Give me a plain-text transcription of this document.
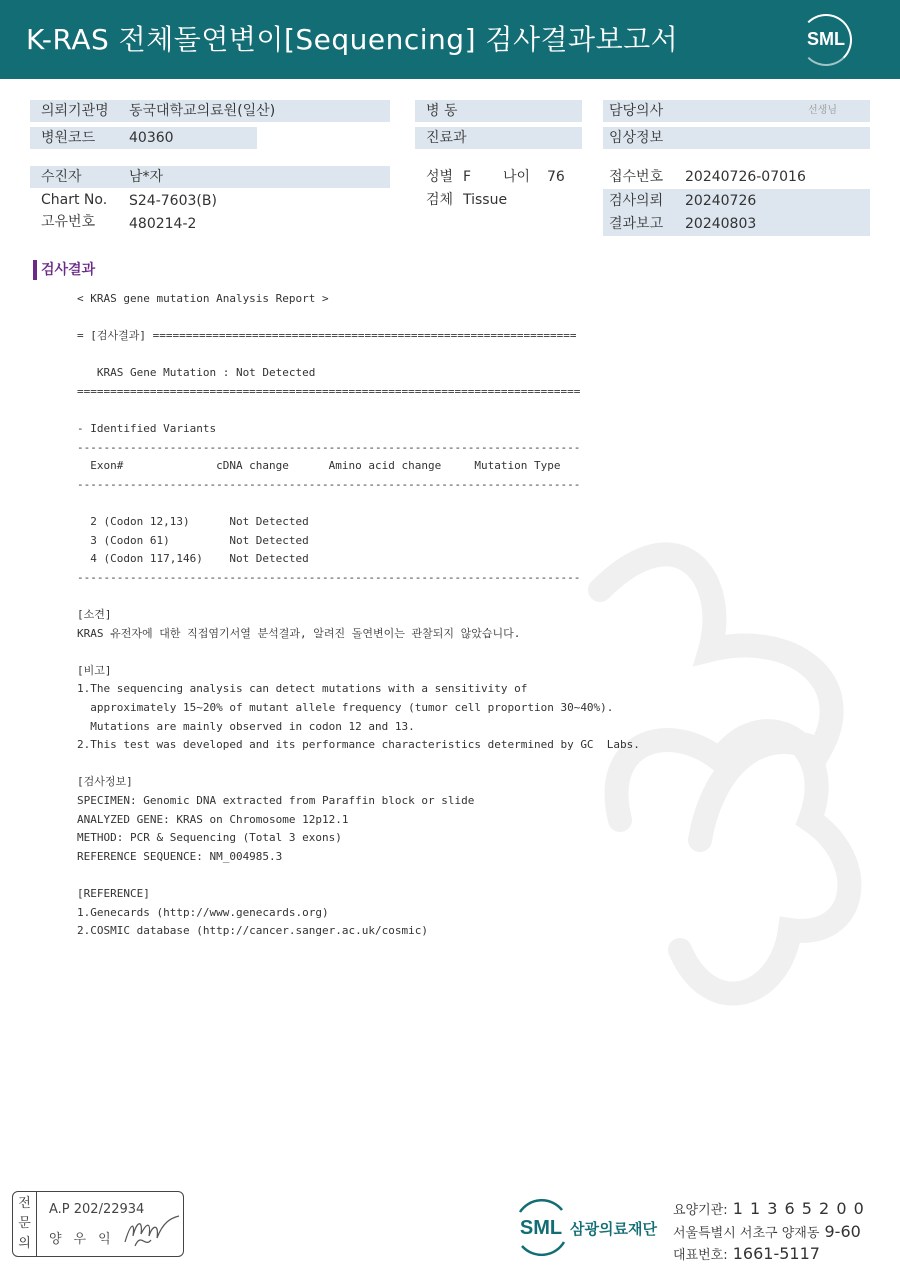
K-RAS 전체돌연변이[Sequencing] 검사결과보고서	SML
의뢰기관명 동국대학교의료원(일산)
병원코드 40360
병 동
진료과
담당의사	선생님
임상정보
수진자	남*자
Chart No. S24-7603(B)
고유번호 480214-2
성별 F 나이 76
검체 Tissue
접수번호 20240726-07016
검사의뢰 20240726
결과보고 20240803
검사결과
< KRAS gene mutation Analysis Report >
= [검사결과] ================================================================
KRAS Gene Mutation : Not Detected
============================================================================
- Identified Variants
----------------------------------------------------------------------------
Exon#              cDNA change      Amino acid change     Mutation Type
----------------------------------------------------------------------------
2 (Codon 12,13)      Not Detected
3 (Codon 61)         Not Detected
4 (Codon 117,146)    Not Detected
----------------------------------------------------------------------------
[소견]
KRAS 유전자에 대한 직접염기서열 분석결과, 알려진 돌연변이는 관찰되지 않았습니다.
[비고]
1.The sequencing analysis can detect mutations with a sensitivity of
approximately 15~20% of mutant allele frequency (tumor cell proportion 30~40%).
Mutations are mainly observed in codon 12 and 13.
2.This test was developed and its performance characteristics determined by GC  Labs.
[검사정보]
SPECIMEN: Genomic DNA extracted from Paraffin block or slide
ANALYZED GENE: KRAS on Chromosome 12p12.1
METHOD: PCR & Sequencing (Total 3 exons)
REFERENCE SEQUENCE: NM_004985.3
[REFERENCE]
1.Genecards (http://www.genecards.org)
2.COSMIC database (http://cancer.sanger.ac.uk/cosmic)
전
문
의
A.P 202/22934
양우익
SML 삼광의료재단
요양기관: 1 1 3 6 5 2 0 0
서울특별시 서초구 양재동 9-60
대표번호: 1661-5117
